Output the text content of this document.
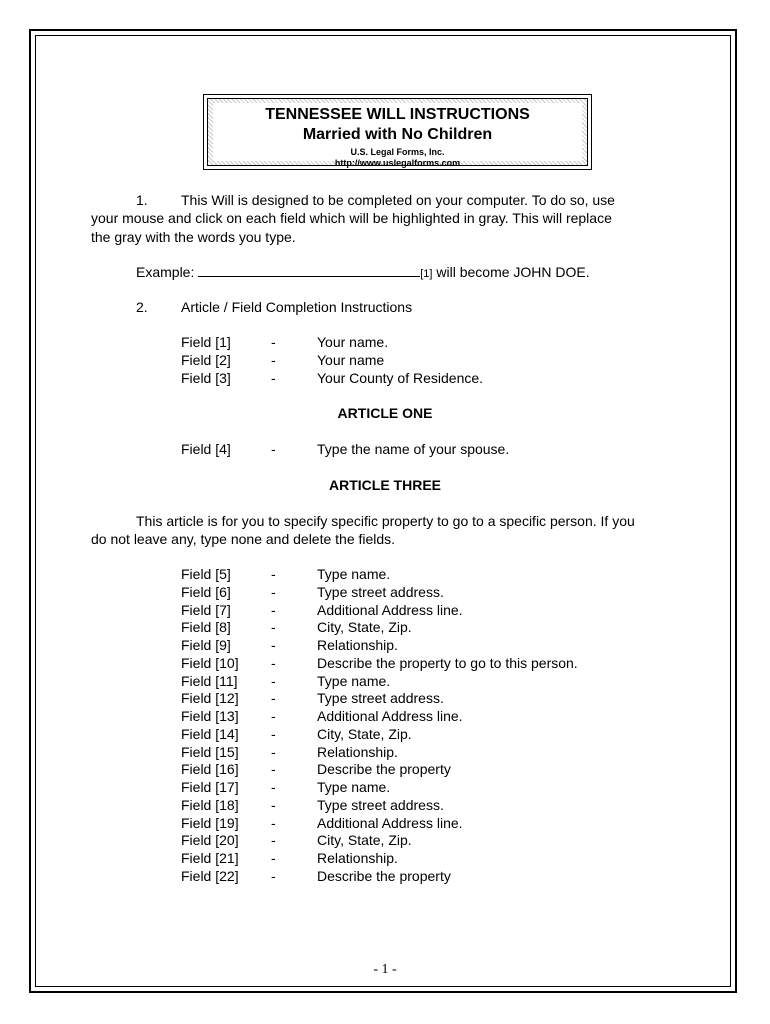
TENNESSEE WILL INSTRUCTIONS
Married with No Children
U.S. Legal Forms, Inc.
http://www.uslegalforms.com
1. This Will is designed to be completed on your computer. To do so, use
your mouse and click on each field which will be highlighted in gray. This will replace
the gray with the words you type.
Example:	[1] will become JOHN DOE.
2. Article / Field Completion Instructions
Field [1]	-	Your name.
Field [2]	-	Your name
Field [3]	-	Your County of Residence.
ARTICLE ONE
Field [4]	-	Type the name of your spouse.
ARTICLE THREE
This article is for you to specify specific property to go to a specific person. If you
do not leave any, type none and delete the fields.
Field [5]	-	Type name.
Field [6]	-	Type street address.
Field [7]	-	Additional Address line.
Field [8]	-	City, State, Zip.
Field [9]	-	Relationship.
Field [10] -	Describe the property to go to this person.
Field [11] -	Type name.
Field [12] -	Type street address.
Field [13] -	Additional Address line.
Field [14] -	City, State, Zip.
Field [15] -	Relationship.
Field [16] -	Describe the property
Field [17] -	Type name.
Field [18] -	Type street address.
Field [19] -	Additional Address line.
Field [20] -	City, State, Zip.
Field [21] -	Relationship.
Field [22] -	Describe the property
- 1 -
